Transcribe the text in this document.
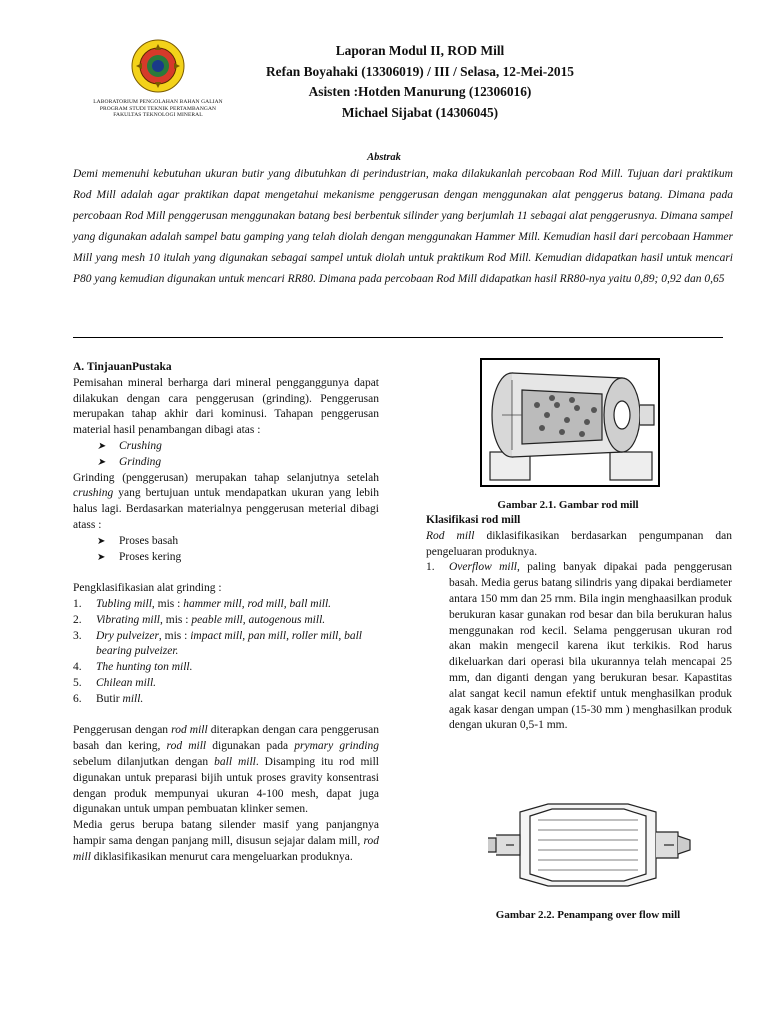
LABORATORIUM PENGOLAHAN BAHAN GALIAN
PROGRAM STUDI TEKNIK PERTAMBANGAN
FAKULTAS TEKNOLOGI MINERAL
Laporan Modul II, ROD Mill
Refan Boyahaki (13306019) / III / Selasa, 12-Mei-2015
Asisten :Hotden Manurung (12306016)
Michael Sijabat (14306045)
Abstrak
Demi memenuhi kebutuhan ukuran butir yang dibutuhkan di perindustrian, maka dilakukanlah percobaan Rod Mill. Tujuan dari praktikum Rod Mill adalah agar praktikan dapat mengetahui mekanisme penggerusan dengan menggunakan alat penggerus batang. Dimana pada percobaan Rod Mill penggerusan menggunakan batang besi berbentuk silinder yang berjumlah 11 sebagai alat penggerusnya. Dimana sampel yang digunakan adalah sampel batu gamping yang telah diolah dengan menggunakan Hammer Mill. Kemudian hasil dari percobaan Hammer Mill yang mesh 10 itulah yang digunakan sebagai sampel untuk diolah untuk praktikum Rod Mill. Kemudian didapatkan hasil untuk mencari P80 yang kemudian digunakan untuk mencari RR80. Dimana pada percobaan Rod Mill didapatkan hasil RR80-nya yaitu 0,89; 0,92 dan 0,65

A. TinjauanPustaka

Pemisahan mineral berharga dari mineral pengganggunya dapat dilakukan dengan cara penggerusan (grinding). Penggerusan merupakan tahap akhir dari kominusi. Tahapan penggerusan material hasil penambangan dibagi atas :

➤ Crushing

➤ Grinding

Grinding (penggerusan) merupakan tahap selanjutnya setelah crushing yang bertujuan untuk mendapatkan ukuran yang lebih halus lagi. Berdasarkan materialnya penggerusan meterial dibagi atass :

➤ Proses basah

➤ Proses kering

Pengklasifikasian alat grinding :

1. Tubling mill, mis : hammer mill, rod mill, ball mill.

2. Vibrating mill, mis : peable mill, autogenous mill.

3. Dry pulveizer, mis : impact mill, pan mill, roller mill, ball bearing pulveizer.

4. The hunting ton mill.

5. Chilean mill.

6. Butir mill.

Penggerusan dengan rod mill diterapkan dengan cara penggerusan basah dan kering, rod mill digunakan pada prymary grinding sebelum dilanjutkan dengan ball mill. Disamping itu rod mill digunakan untuk preparasi bijih untuk proses gravity konsentrasi dengan produk mempunyai ukuran 4-100 mesh, dapat juga digunakan untuk umpan pembuatan klinker semen.

Media gerus berupa batang silender masif yang panjangnya hampir sama dengan panjang mill, disusun sejajar dalam mill, rod mill diklasifikasikan menurut cara mengeluarkan produknya.

Gambar 2.1. Gambar rod mill

Klasifikasi rod mill

Rod mill diklasifikasikan berdasarkan pengumpanan dan pengeluaran produknya.

1. Overflow mill, paling banyak dipakai pada penggerusan basah. Media gerus batang silindris yang dipakai berdiameter antara 150 mm dan 25 rnm. Bila ingin menghaasilkan produk berukuran kasar gunakan rod besar dan bila berukuran halus menggunakan rod kecil. Selama penggerusan ukuran rod akan makin mengecil karena ikut terkikis. Rod harus dikeluarkan dari operasi bila ukurannya telah mencapai 25 mm, dan diganti dengan yang berukuran besar. Kapastitas alat sangat kecil namun efektif untuk menghasilkan produk agak kasar dengan umpan (15-30 mm ) menghasilkan produk dengan ukuran 0,5-1 mm.

Gambar 2.2. Penampang over flow mill
